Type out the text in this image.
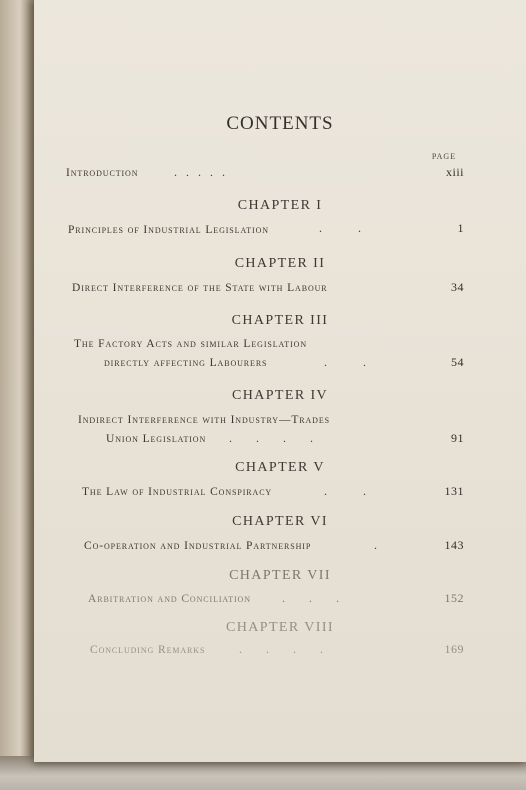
CONTENTS
PAGE
Introduction	.   .   .   .   .	xiii
CHAPTER I
Principles of Industrial Legislation	.            .	1
CHAPTER II
Direct Interference of the State with Labour	34
CHAPTER III
The Factory Acts and similar Legislation
directly affecting Labourers	.            .	54
CHAPTER IV
Indirect Interference with Industry—Trades
Union Legislation	.        .        .        .	91
CHAPTER V
The Law of Industrial Conspiracy	.            .	131
CHAPTER VI
Co-operation and Industrial Partnership	.	143
CHAPTER VII
Arbitration and Conciliation	.        .        .	152
CHAPTER VIII
Concluding Remarks	.        .        .        .	169
